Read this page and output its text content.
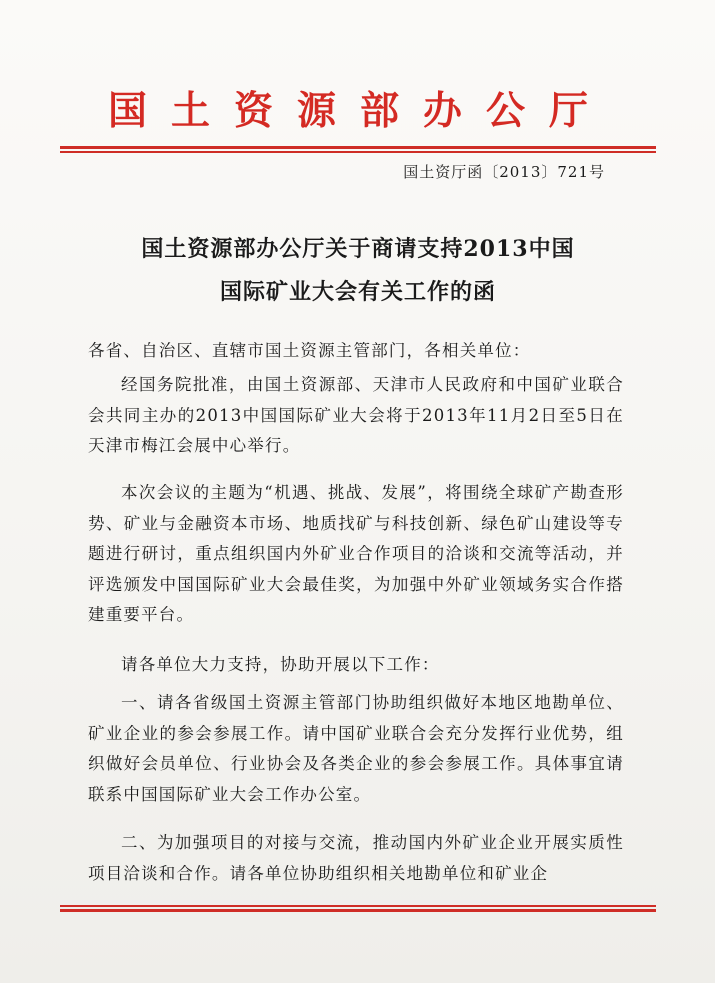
国土资源部办公厅
国土资厅函〔2013〕721号
国土资源部办公厅关于商请支持2013中国
国际矿业大会有关工作的函
各省、自治区、直辖市国土资源主管部门，各相关单位：
经国务院批准，由国土资源部、天津市人民政府和中国矿业联合会共同主办的2013中国国际矿业大会将于2013年11月2日至5日在天津市梅江会展中心举行。
本次会议的主题为“机遇、挑战、发展”，将围绕全球矿产勘查形势、矿业与金融资本市场、地质找矿与科技创新、绿色矿山建设等专题进行研讨，重点组织国内外矿业合作项目的洽谈和交流等活动，并评选颁发中国国际矿业大会最佳奖，为加强中外矿业领域务实合作搭建重要平台。
请各单位大力支持，协助开展以下工作：
一、请各省级国土资源主管部门协助组织做好本地区地勘单位、矿业企业的参会参展工作。请中国矿业联合会充分发挥行业优势，组织做好会员单位、行业协会及各类企业的参会参展工作。具体事宜请联系中国国际矿业大会工作办公室。
二、为加强项目的对接与交流，推动国内外矿业企业开展实质性项目洽谈和合作。请各单位协助组织相关地勘单位和矿业企
